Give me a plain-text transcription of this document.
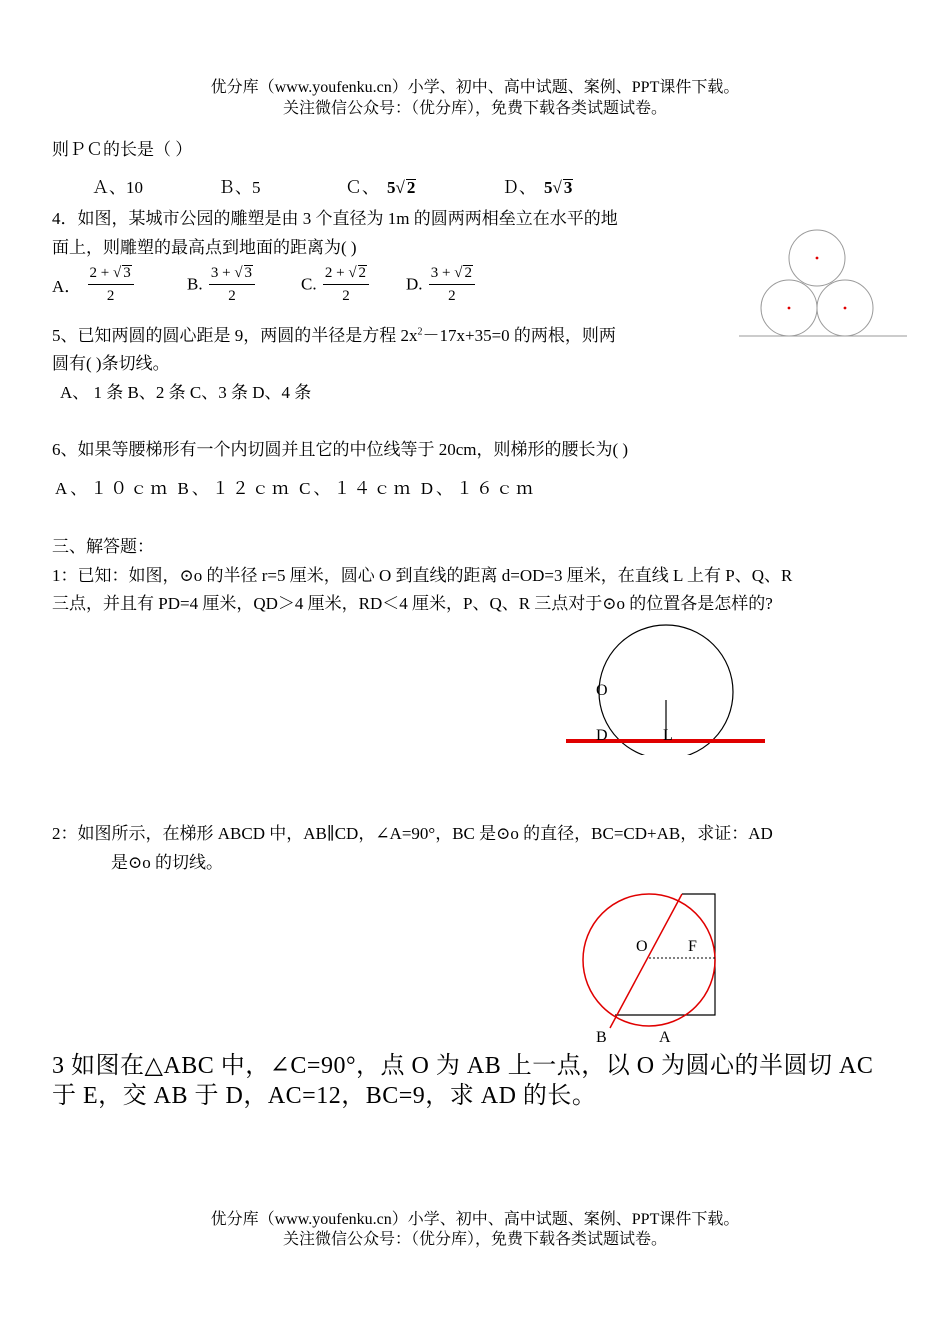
优分库（www.youfenku.cn）小学、初中、高中试题、案例、PPT课件下载。
关注微信公众号：（优分库），免费下载各类试题试卷。
则ＰＣ的长是（ ）
Ａ、10	Ｂ、5	Ｃ、 5√ 2	Ｄ、 5√ 3
4．如图，某城市公园的雕塑是由 3 个直径为 1m 的圆两两相垒立在水平的地
面上，则雕塑的最高点到地面的距离为( )
A． $\frac{2 + √ 3}{2}$	B. $\frac{3 + √ 3}{2}$	C. $\frac{2 + √ 2}{2} D$. $\frac{3 + √ 2}{2}$
5、已知两圆的圆心距是 9，两圆的半径是方程 $2x^2-17x+35=0$ 的两根，则两
圆有( )条切线。
A、 1 条 B、2 条 C、3 条 D、4 条
6、如果等腰梯形有一个内切圆并且它的中位线等于 20cm，则梯形的腰长为( )
A、１０ｃｍ B、１２ｃｍ C、１４ｃｍ D、１６ｃｍ
三、解答题：
1：已知：如图，⊙o 的半径 r=5 厘米，圆心 O 到直线的距离 d=OD=3 厘米，在直线 L 上有 P、Q、R
三点，并且有 PD=4 厘米，QD＞4 厘米，RD＜4 厘米，P、Q、R 三点对于⊙o 的位置各是怎样的?
O
D	L
2：如图所示，在梯形 ABCD 中，AB∥CD，∠A=90°，BC 是⊙o 的直径，BC=CD+AB，求证：AD
是⊙o 的切线。
O	F
B	A
3 如图在△ABC 中，∠C=90°，点 O 为 AB 上一点，以 O 为圆心的半圆切 AC
于 E，交 AB 于 D，AC=12，BC=9，求 AD 的长。
优分库（www.youfenku.cn）小学、初中、高中试题、案例、PPT课件下载。
关注微信公众号：（优分库），免费下载各类试题试卷。
